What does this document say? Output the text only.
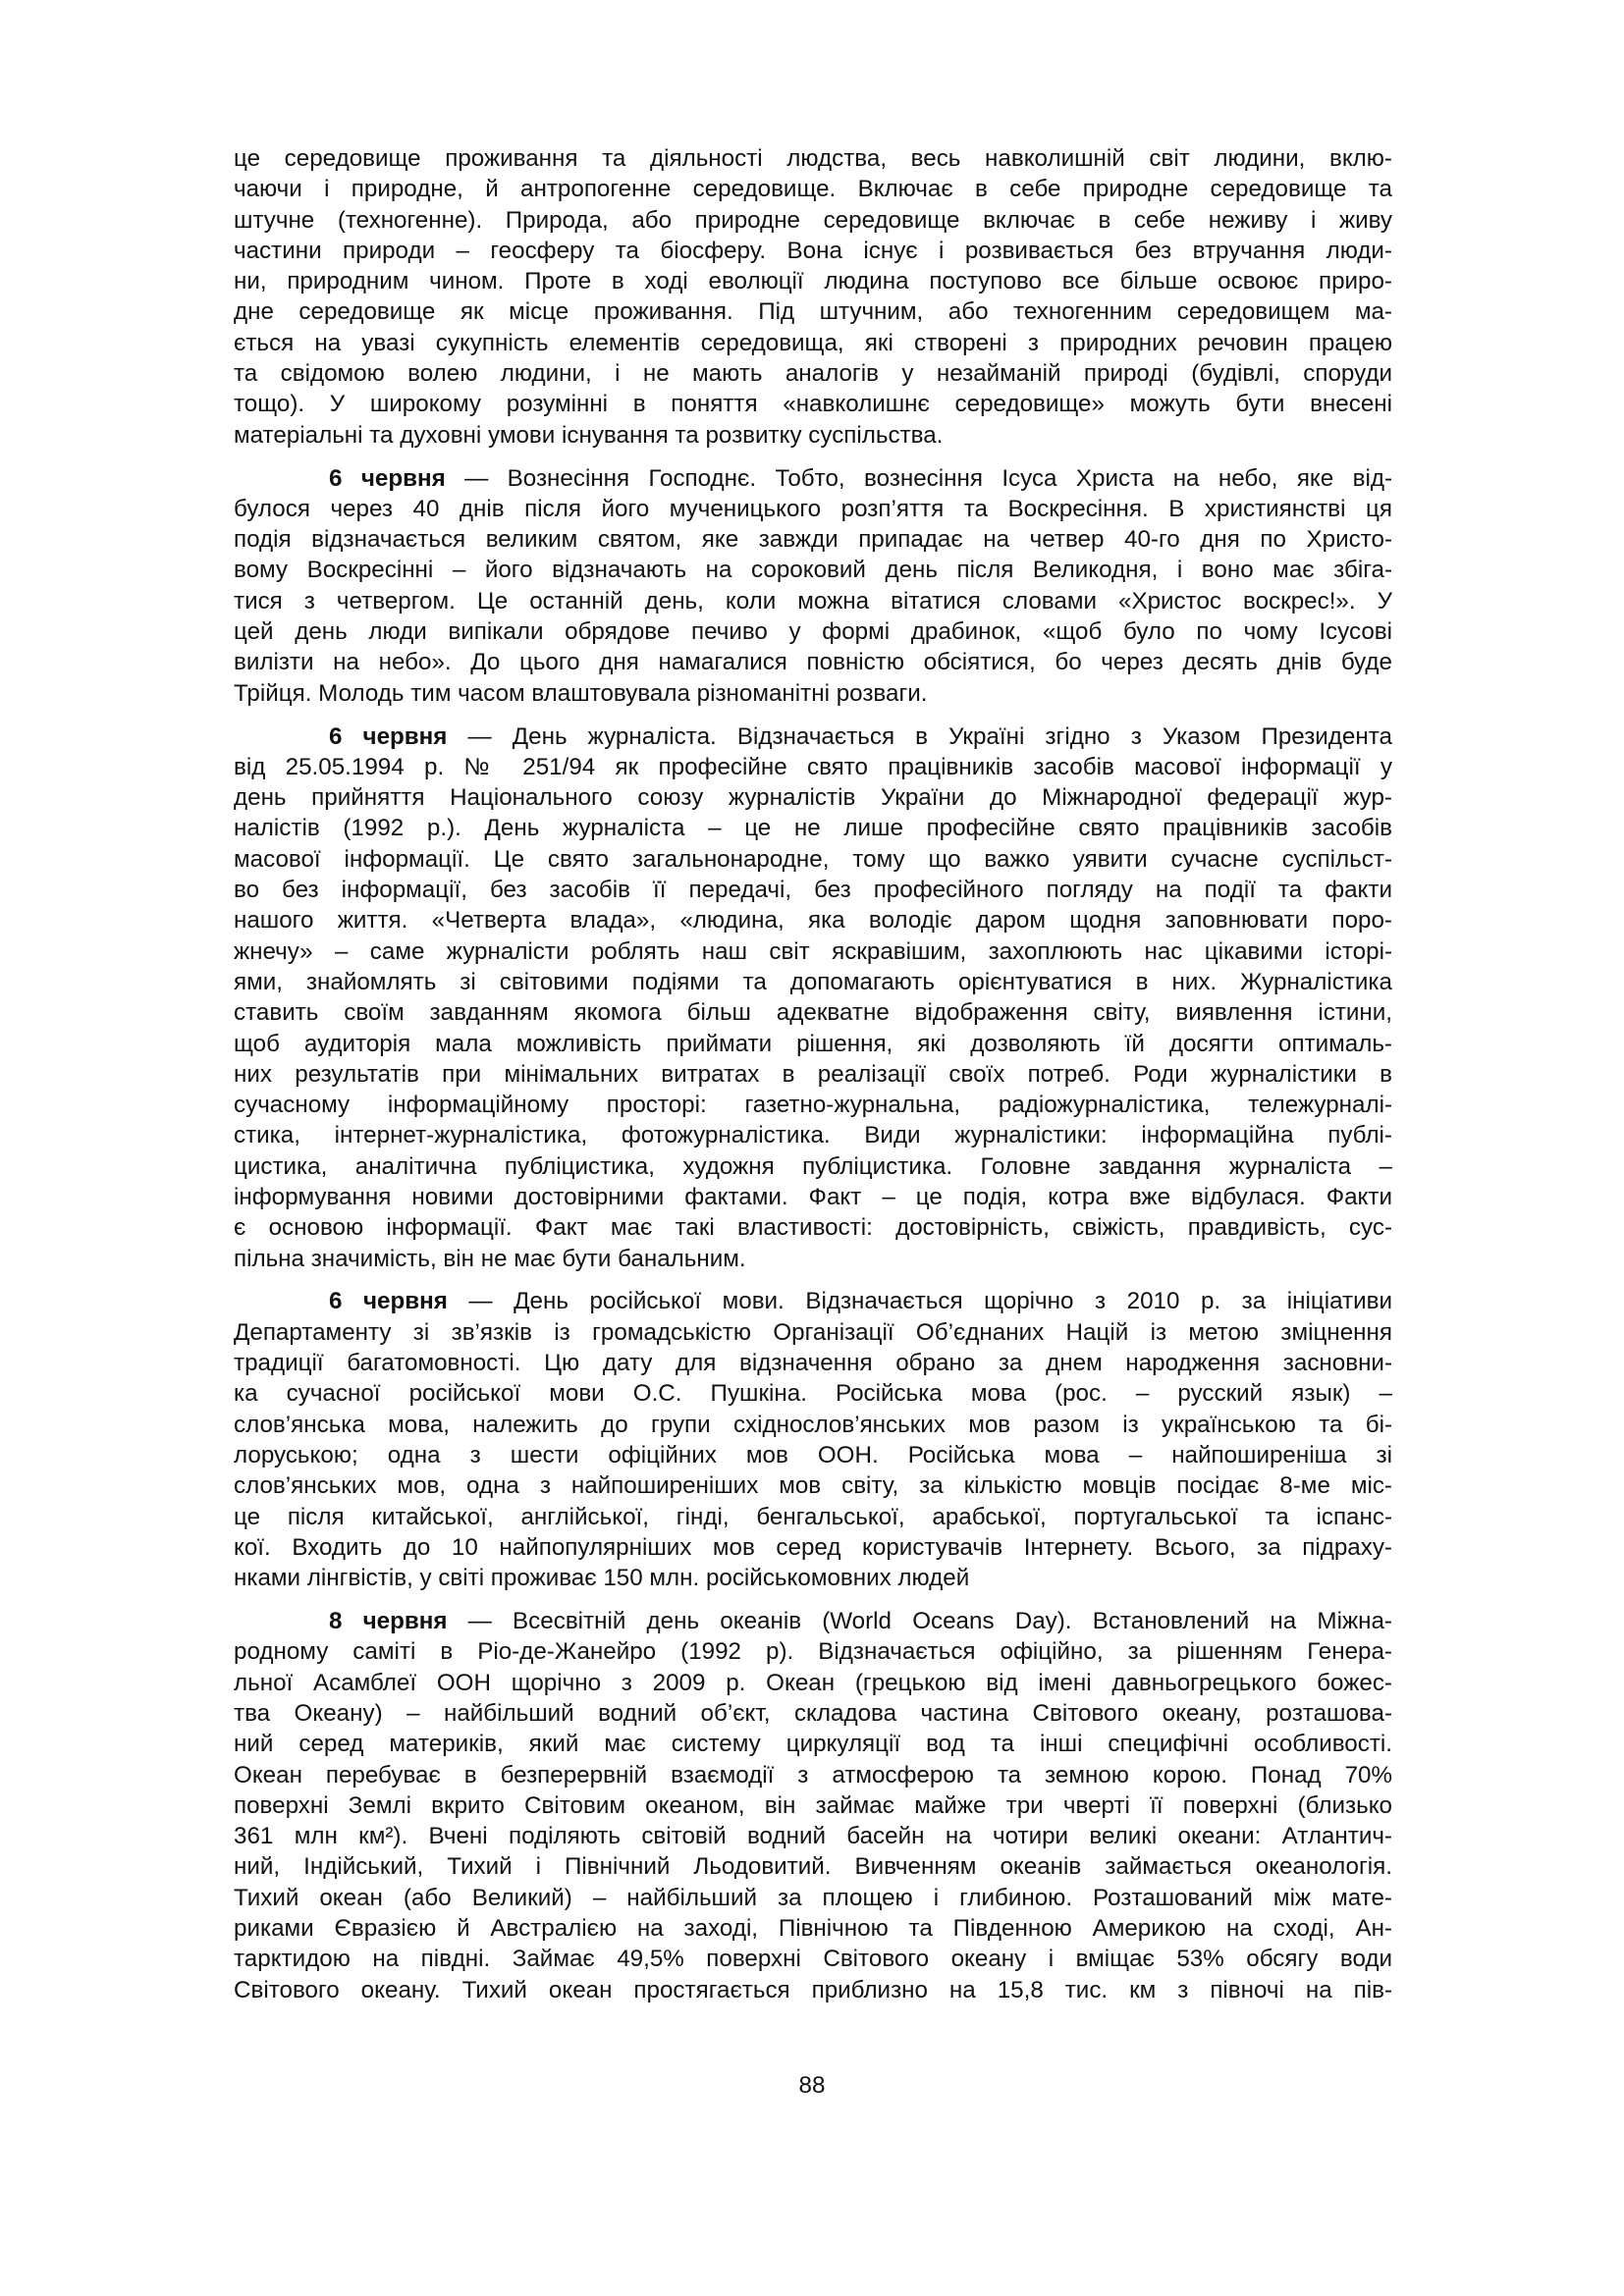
це середовище проживання та діяльності людства, весь навколишній світ людини, вклю-
чаючи і природне, й антропогенне середовище. Включає в себе природне середовище та
штучне (техногенне). Природа, або природне середовище включає в себе неживу і живу
частини природи – геосферу та біосферу. Вона існує і розвивається без втручання люди-
ни, природним чином. Проте в ході еволюції людина поступово все більше освоює приро-
дне середовище як місце проживання. Під штучним, або техногенним середовищем ма-
ється на увазі сукупність елементів середовища, які створені з природних речовин працею
та свідомою волею людини, і не мають аналогів у незайманій природі (будівлі, споруди
тощо). У широкому розумінні в поняття «навколишнє середовище» можуть бути внесені
матеріальні та духовні умови існування та розвитку суспільства.

6 червня — Вознесіння Господнє. Тобто, вознесіння Ісуса Христа на небо, яке від-
булося через 40 днів після його мученицького розп’яття та Воскресіння. В християнстві ця
подія відзначається великим святом, яке завжди припадає на четвер 40-го дня по Христо-
вому Воскресінні – його відзначають на сороковий день після Великодня, і воно має збіга-
тися з четвергом. Це останній день, коли можна вітатися словами «Христос воскрес!». У
цей день люди випікали обрядове печиво у формі драбинок, «щоб було по чому Ісусові
вилізти на небо». До цього дня намагалися повністю обсіятися, бо через десять днів буде
Трійця. Молодь тим часом влаштовувала різноманітні розваги.

6 червня — День журналіста. Відзначається в Україні згідно з Указом Президента
від 25.05.1994 р. № 251/94 як професійне свято працівників засобів масової інформації у
день прийняття Національного союзу журналістів України до Міжнародної федерації жур-
налістів (1992 р.). День журналіста – це не лише професійне свято працівників засобів
масової інформації. Це свято загальнонародне, тому що важко уявити сучасне суспільст-
во без інформації, без засобів її передачі, без професійного погляду на події та факти
нашого життя. «Четверта влада», «людина, яка володіє даром щодня заповнювати поро-
жнечу» – саме журналісти роблять наш світ яскравішим, захоплюють нас цікавими історі-
ями, знайомлять зі світовими подіями та допомагають орієнтуватися в них. Журналістика
ставить своїм завданням якомога більш адекватне відображення світу, виявлення істини,
щоб аудиторія мала можливість приймати рішення, які дозволяють їй досягти оптималь-
них результатів при мінімальних витратах в реалізації своїх потреб. Роди журналістики в
сучасному інформаційному просторі: газетно-журнальна, радіожурналістика, тележурналі-
стика, інтернет-журналістика, фотожурналістика. Види журналістики: інформаційна публі-
цистика, аналітична публіцистика, художня публіцистика. Головне завдання журналіста –
інформування новими достовірними фактами. Факт – це подія, котра вже відбулася. Факти
є основою інформації. Факт має такі властивості: достовірність, свіжість, правдивість, сус-
пільна значимість, він не має бути банальним.

6 червня — День російської мови. Відзначається щорічно з 2010 р. за ініціативи
Департаменту зі зв’язків із громадськістю Організації Об’єднаних Націй із метою зміцнення
традиції багатомовності. Цю дату для відзначення обрано за днем народження засновни-
ка сучасної російської мови О.С. Пушкіна. Російська мова (рос. – русский язык) –
слов’янська мова, належить до групи східнослов’янських мов разом із українською та бі-
лоруською; одна з шести офіційних мов ООН. Російська мова – найпоширеніша зі
слов’янських мов, одна з найпоширеніших мов світу, за кількістю мовців посідає 8-ме міс-
це після китайської, англійської, гінді, бенгальської, арабської, португальської та іспанс-
кої. Входить до 10 найпопулярніших мов серед користувачів Інтернету. Всього, за підраху-
нками лінгвістів, у світі проживає 150 млн. російськомовних людей

8 червня — Всесвітній день океанів (World Oceans Day). Встановлений на Міжна-
родному саміті в Ріо-де-Жанейро (1992 р). Відзначається офіційно, за рішенням Генера-
льної Асамблеї ООН щорічно з 2009 р. Океан (грецькою від імені давньогрецького божес-
тва Океану) – найбільший водний об’єкт, складова частина Світового океану, розташова-
ний серед материків, який має систему циркуляції вод та інші специфічні особливості.
Океан перебуває в безперервній взаємодії з атмосферою та земною корою. Понад 70%
поверхні Землі вкрито Світовим океаном, він займає майже три чверті її поверхні (близько
361 млн км²). Вчені поділяють світовій водний басейн на чотири великі океани: Атлантич-
ний, Індійський, Тихий і Північний Льодовитий. Вивченням океанів займається океанологія.
Тихий океан (або Великий) – найбільший за площею і глибиною. Розташований між мате-
риками Євразією й Австралією на заході, Північною та Південною Америкою на сході, Ан-
тарктидою на півдні. Займає 49,5% поверхні Світового океану і вміщає 53% обсягу води
Світового океану. Тихий океан простягається приблизно на 15,8 тис. км з півночі на пів-

88
